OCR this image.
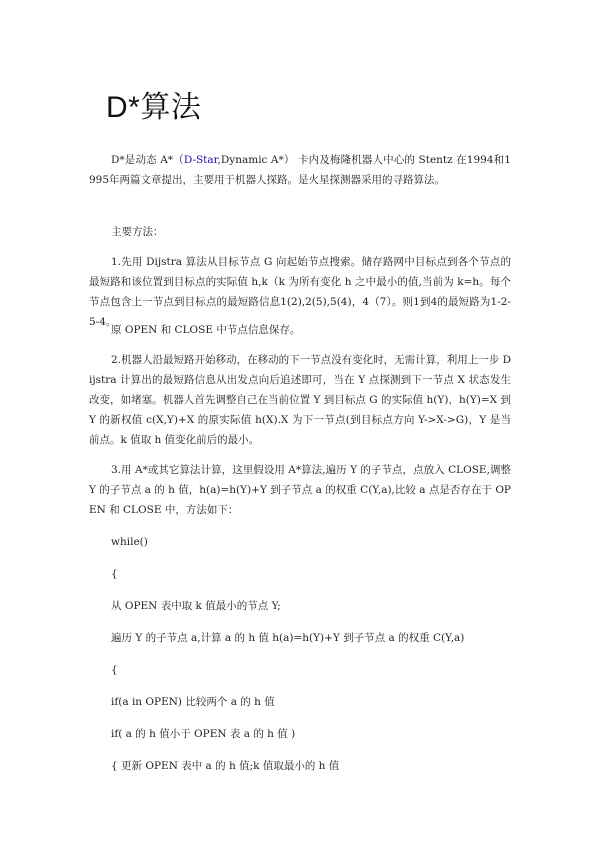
D*算法

D*是动态 A*（D-Star,Dynamic A*） 卡内及梅隆机器人中心的 Stentz 在1994和1995年两篇文章提出，主要用于机器人探路。是火星探测器采用的寻路算法。

主要方法：

1.先用 Dijstra 算法从目标节点 G 向起始节点搜索。储存路网中目标点到各个节点的最短路和该位置到目标点的实际值 h,k（k 为所有变化 h 之中最小的值,当前为 k=h。每个节点包含上一节点到目标点的最短路信息1(2),2(5),5(4)，4（7）。则1到4的最短路为1-2-5-4。

原 OPEN 和 CLOSE 中节点信息保存。

2.机器人沿最短路开始移动，在移动的下一节点没有变化时，无需计算，利用上一步 Dijstra 计算出的最短路信息从出发点向后追述即可，当在 Y 点探测到下一节点 X 状态发生改变，如堵塞。机器人首先调整自己在当前位置 Y 到目标点 G 的实际值 h(Y)，h(Y)=X 到 Y 的新权值 c(X,Y)+X 的原实际值 h(X).X 为下一节点(到目标点方向 Y->X->G)，Y 是当前点。k 值取 h 值变化前后的最小。

3.用 A*或其它算法计算，这里假设用 A*算法,遍历 Y 的子节点，点放入 CLOSE,调整 Y 的子节点 a 的 h 值，h(a)=h(Y)+Y 到子节点 a 的权重 C(Y,a),比较 a 点是否存在于 OPEN 和 CLOSE 中，方法如下：

while()

{

从 OPEN 表中取 k 值最小的节点 Y;

遍历 Y 的子节点 a,计算 a 的 h 值 h(a)=h(Y)+Y 到子节点 a 的权重 C(Y,a)

{

if(a in OPEN) 比较两个 a 的 h 值

if( a 的 h 值小于 OPEN 表 a 的 h 值 )

{ 更新 OPEN 表中 a 的 h 值;k 值取最小的 h 值
